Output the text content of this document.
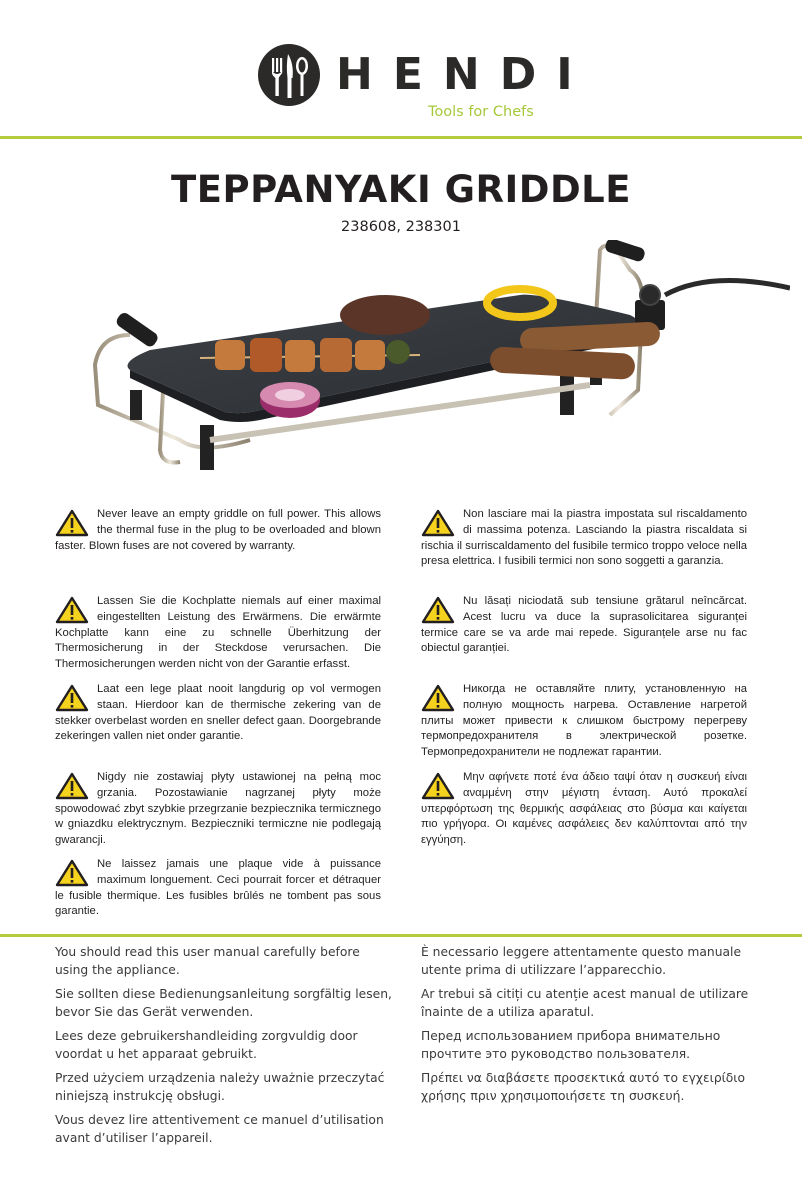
HENDI
Tools for Chefs
TEPPANYAKI GRIDDLE
238608, 238301
Never leave an empty griddle on full power. This allows the thermal fuse in the plug to be overloaded and blown faster. Blown fuses are not covered by warranty.
Lassen Sie die Kochplatte niemals auf einer maximal eingestellten Leistung des Erwärmens. Die erwärmte Kochplatte kann eine zu schnelle Überhitzung der Thermosicherung in der Steckdose verursachen. Die Thermosicherungen werden nicht von der Garantie erfasst.
Laat een lege plaat nooit langdurig op vol vermogen staan. Hierdoor kan de thermische zekering van de stekker overbelast worden en sneller defect gaan. Doorgebrande zekeringen vallen niet onder garantie.
Nigdy nie zostawiaj płyty ustawionej na pełną moc grzania. Pozostawianie nagrzanej płyty może spowodować zbyt szybkie przegrzanie bezpiecznika termicznego w gniazdku elektrycznym. Bezpieczniki termiczne nie podlegają gwarancji.
Ne laissez jamais une plaque vide à puissance maximum longuement. Ceci pourrait forcer et détraquer le fusible thermique. Les fusibles brûlés ne tombent pas sous garantie.
Non lasciare mai la piastra impostata sul riscaldamento di massima potenza. Lasciando la piastra riscaldata si rischia il surriscaldamento del fusibile termico troppo veloce nella presa elettrica. I fusibili termici non sono soggetti a garanzia.
Nu lăsați niciodată sub tensiune grătarul neîncărcat. Acest lucru va duce la suprasolicitarea siguranței termice care se va arde mai repede. Siguranțele arse nu fac obiectul garanției.
Никогда не оставляйте плиту, установленную на полную мощность нагрева. Оставление нагретой плиты может привести к слишком быстрому перегреву термопредохранителя в электрической розетке. Термопредохранители не подлежат гарантии.
Μην αφήνετε ποτέ ένα άδειο ταψί όταν η συσκευή είναι αναμμένη στην μέγιστη ένταση. Αυτό προκαλεί υπερφόρτωση της θερμικής ασφάλειας στο βύσμα και καίγεται πιο γρήγορα. Οι καμένες ασφάλειες δεν καλύπτονται από την εγγύηση.
You should read this user manual carefully before using the appliance.
Sie sollten diese Bedienungsanleitung sorgfältig lesen, bevor Sie das Gerät verwenden.
Lees deze gebruikershandleiding zorgvuldig door voordat u het apparaat gebruikt.
Przed użyciem urządzenia należy uważnie przeczytać niniejszą instrukcję obsługi.
Vous devez lire attentivement ce manuel d’utilisation avant d’utiliser l’appareil.
È necessario leggere attentamente questo manuale utente prima di utilizzare l’apparecchio.
Ar trebui să citiți cu atenție acest manual de utilizare înainte de a utiliza aparatul.
Перед использованием прибора внимательно прочтите это руководство пользователя.
Πρέπει να διαβάσετε προσεκτικά αυτό το εγχειρίδιο χρήσης πριν χρησιμοποιήσετε τη συσκευή.
